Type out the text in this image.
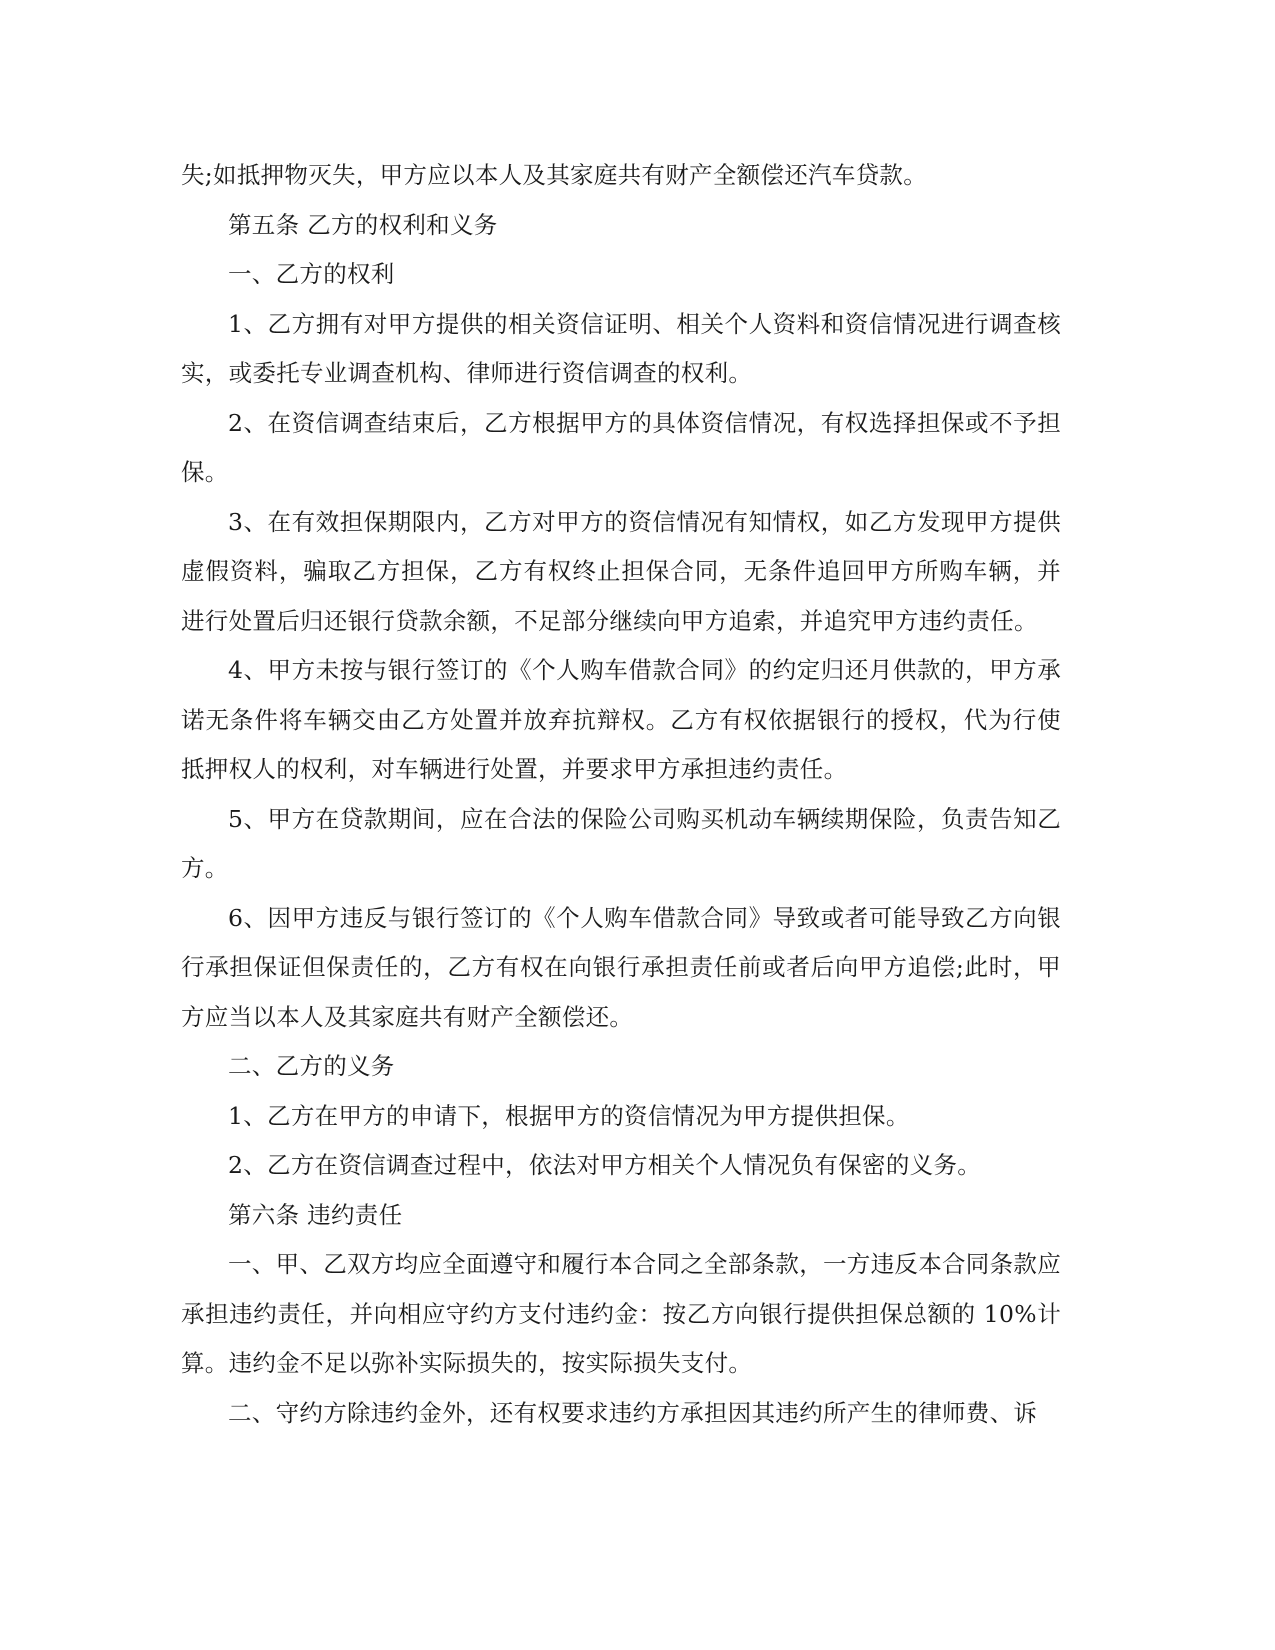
失;如抵押物灭失，甲方应以本人及其家庭共有财产全额偿还汽车贷款。

第五条 乙方的权利和义务

一、乙方的权利

1、乙方拥有对甲方提供的相关资信证明、相关个人资料和资信情况进行调查核实，或委托专业调查机构、律师进行资信调查的权利。

2、在资信调查结束后，乙方根据甲方的具体资信情况，有权选择担保或不予担保。

3、在有效担保期限内，乙方对甲方的资信情况有知情权，如乙方发现甲方提供虚假资料，骗取乙方担保，乙方有权终止担保合同，无条件追回甲方所购车辆，并进行处置后归还银行贷款余额，不足部分继续向甲方追索，并追究甲方违约责任。

4、甲方未按与银行签订的《个人购车借款合同》的约定归还月供款的，甲方承诺无条件将车辆交由乙方处置并放弃抗辩权。乙方有权依据银行的授权，代为行使抵押权人的权利，对车辆进行处置，并要求甲方承担违约责任。

5、甲方在贷款期间，应在合法的保险公司购买机动车辆续期保险，负责告知乙方。

6、因甲方违反与银行签订的《个人购车借款合同》导致或者可能导致乙方向银行承担保证但保责任的，乙方有权在向银行承担责任前或者后向甲方追偿;此时，甲方应当以本人及其家庭共有财产全额偿还。

二、乙方的义务

1、乙方在甲方的申请下，根据甲方的资信情况为甲方提供担保。

2、乙方在资信调查过程中，依法对甲方相关个人情况负有保密的义务。

第六条 违约责任

一、甲、乙双方均应全面遵守和履行本合同之全部条款，一方违反本合同条款应承担违约责任，并向相应守约方支付违约金：按乙方向银行提供担保总额的 10%计算。违约金不足以弥补实际损失的，按实际损失支付。

二、守约方除违约金外，还有权要求违约方承担因其违约所产生的律师费、诉
